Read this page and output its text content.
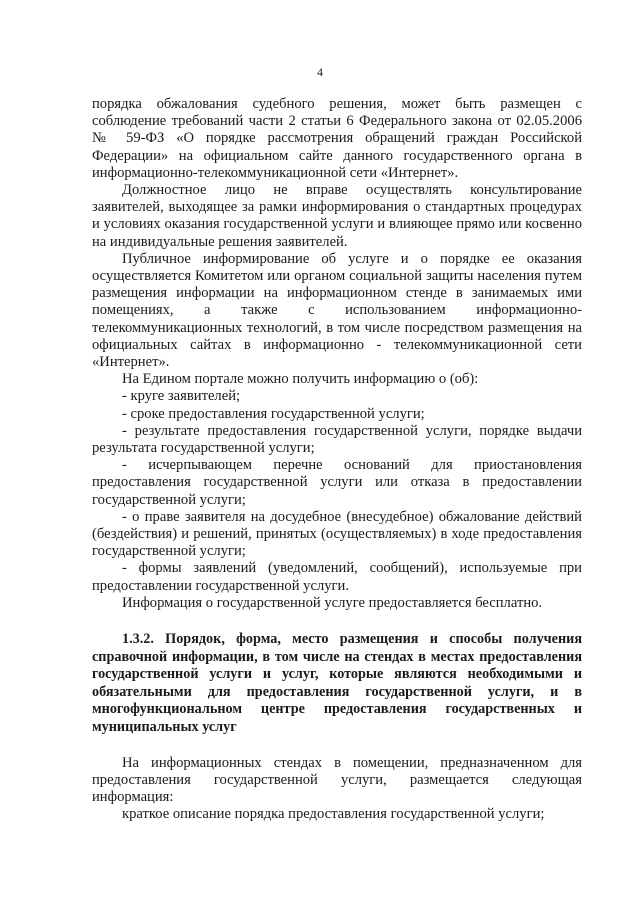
4

порядка обжалования судебного решения, может быть размещен с соблюдение требований части 2 статьи 6 Федерального закона от 02.05.2006 № 59-ФЗ «О порядке рассмотрения обращений граждан Российской Федерации» на официальном сайте данного государственного органа в информационно-телекоммуникационной сети «Интернет».

Должностное лицо не вправе осуществлять консультирование заявителей, выходящее за рамки информирования о стандартных процедурах и условиях оказания государственной услуги и влияющее прямо или косвенно на индивидуальные решения заявителей.

Публичное информирование об услуге и о порядке ее оказания осуществляется Комитетом или органом социальной защиты населения путем размещения информации на информационном стенде в занимаемых ими помещениях, а также с использованием информационно-телекоммуникационных технологий, в том числе посредством размещения на официальных сайтах в информационно - телекоммуникационной сети «Интернет».

На Едином портале можно получить информацию о (об):

- круге заявителей;

- сроке предоставления государственной услуги;

- результате предоставления государственной услуги, порядке выдачи результата государственной услуги;

- исчерпывающем перечне оснований для приостановления предоставления государственной услуги или отказа в предоставлении государственной услуги;

- о праве заявителя на досудебное (внесудебное) обжалование действий (бездействия) и решений, принятых (осуществляемых) в ходе предоставления государственной услуги;

- формы заявлений (уведомлений, сообщений), используемые при предоставлении государственной услуги.

Информация о государственной услуге предоставляется бесплатно.

1.3.2. Порядок, форма, место размещения и способы получения справочной информации, в том числе на стендах в местах предоставления государственной услуги и услуг, которые являются необходимыми и обязательными для предоставления государственной услуги, и в многофункциональном центре предоставления государственных и муниципальных услуг

На информационных стендах в помещении, предназначенном для предоставления государственной услуги, размещается следующая информация:

краткое описание порядка предоставления государственной услуги;
